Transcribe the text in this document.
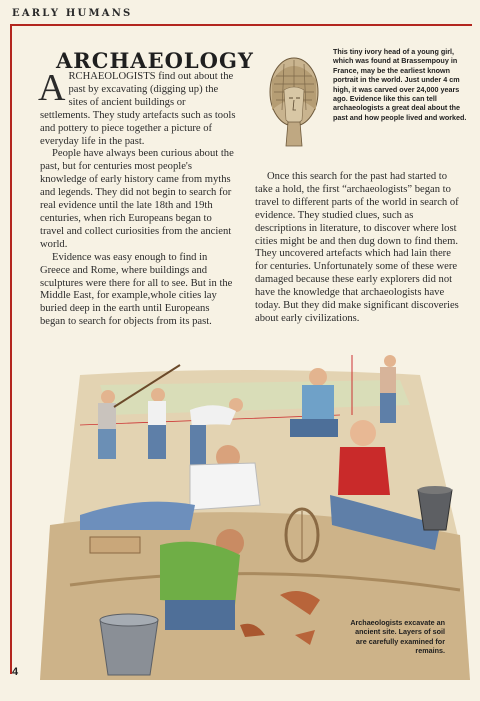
EARLY HUMANS
ARCHAEOLOGY

ARCHAEOLOGISTS find out about the past by excavating (digging up) the sites of ancient buildings or settlements. They study artefacts such as tools and pottery to piece together a picture of everyday life in the past.

People have always been curious about the past, but for centuries most people's knowledge of early history came from myths and legends. They did not begin to search for real evidence until the late 18th and 19th centuries, when rich Europeans began to travel and collect curiosities from the ancient world.

Evidence was easy enough to find in Greece and Rome, where buildings and sculptures were there for all to see. But in the Middle East, for example,whole cities lay buried deep in the earth until Europeans began to search for objects from its past.

This tiny ivory head of a young girl, which was found at Brassempouy in France, may be the earliest known portrait in the world. Just under 4 cm high, it was carved over 24,000 years ago. Evidence like this can tell archaeologists a great deal about the past and how people lived and worked.

Once this search for the past had started to take a hold, the first “archaeologists” began to travel to different parts of the world in search of evidence. They studied clues, such as descriptions in literature, to discover where lost cities might be and then dug down to find them. They uncovered artefacts which had lain there for centuries. Unfortunately some of these were damaged because these early explorers did not have the knowledge that archaeologists have today. But they did make significant discoveries about early civilizations.

Archaeologists excavate an ancient site. Layers of soil are carefully examined for remains.
4
